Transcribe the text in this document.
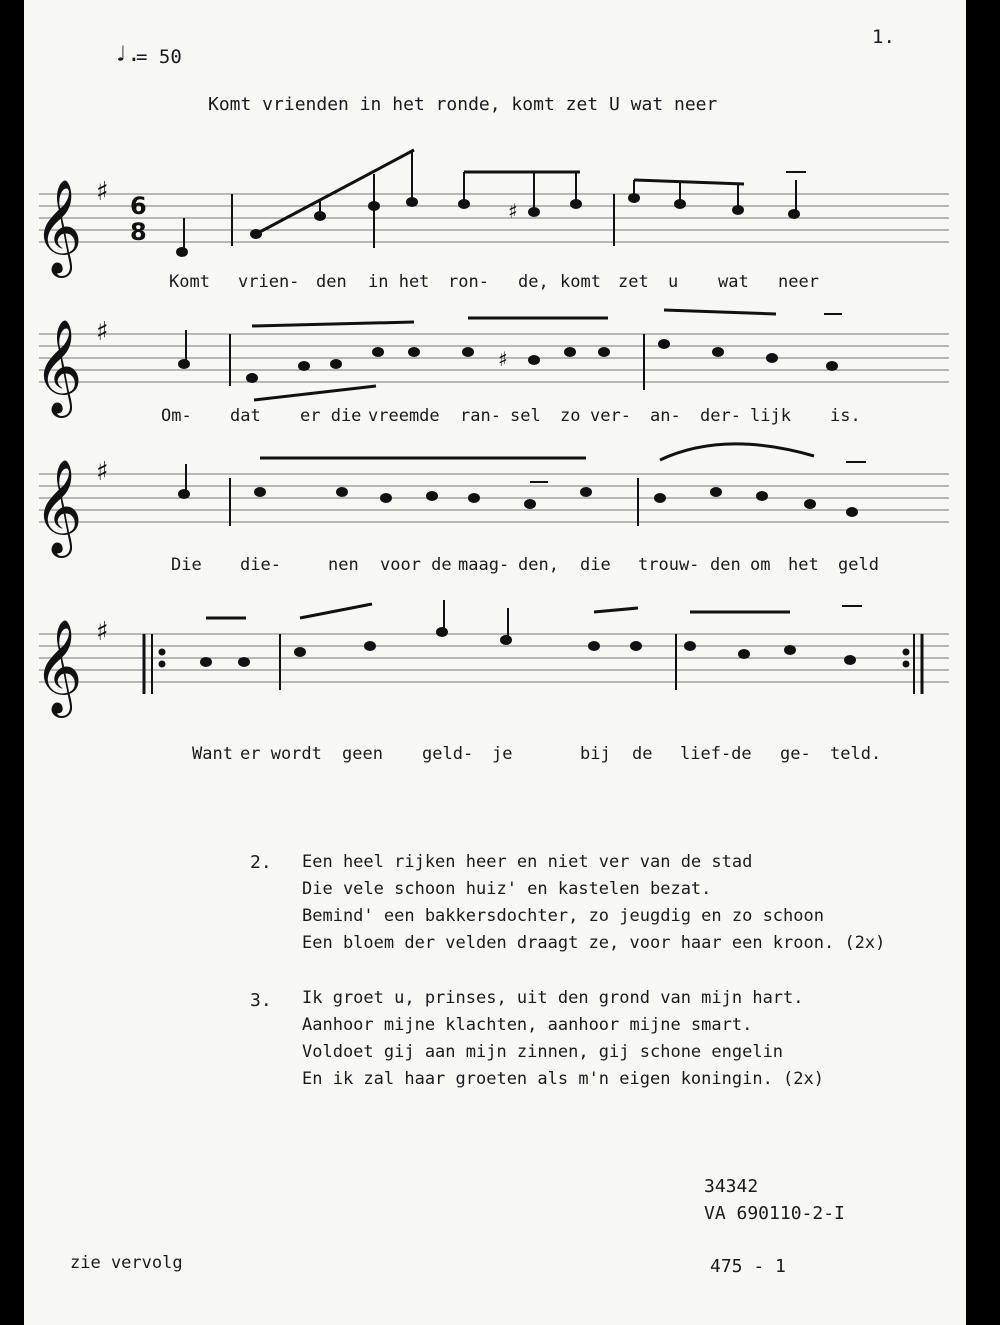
1.
♩.
= 50
Komt vrienden in het ronde, komt zet U wat neer
𝄞 ♯ 6
8
♯
Komt vrien- den in het ron- de, komt zet u wat neer
𝄞 ♯
♯
Om- dat er die vreemde ran- sel zo ver- an- der- lijk is.
𝄞 ♯
Die die-	nen voor de maag- den, die trouw- den om het geld
𝄞 ♯
Want er wordt geen geld- je	bij de lief-de ge- teld.
2. Een heel rijken heer en niet ver van de stad
Die vele schoon huiz' en kastelen bezat.
Bemind' een bakkersdochter, zo jeugdig en zo schoon
Een bloem der velden draagt ze, voor haar een kroon. (2x)
3. Ik groet u, prinses, uit den grond van mijn hart.
Aanhoor mijne klachten, aanhoor mijne smart.
Voldoet gij aan mijn zinnen, gij schone engelin
En ik zal haar groeten als m'n eigen koningin. (2x)
34342
VA 690110-2-I
zie vervolg	475 - 1
